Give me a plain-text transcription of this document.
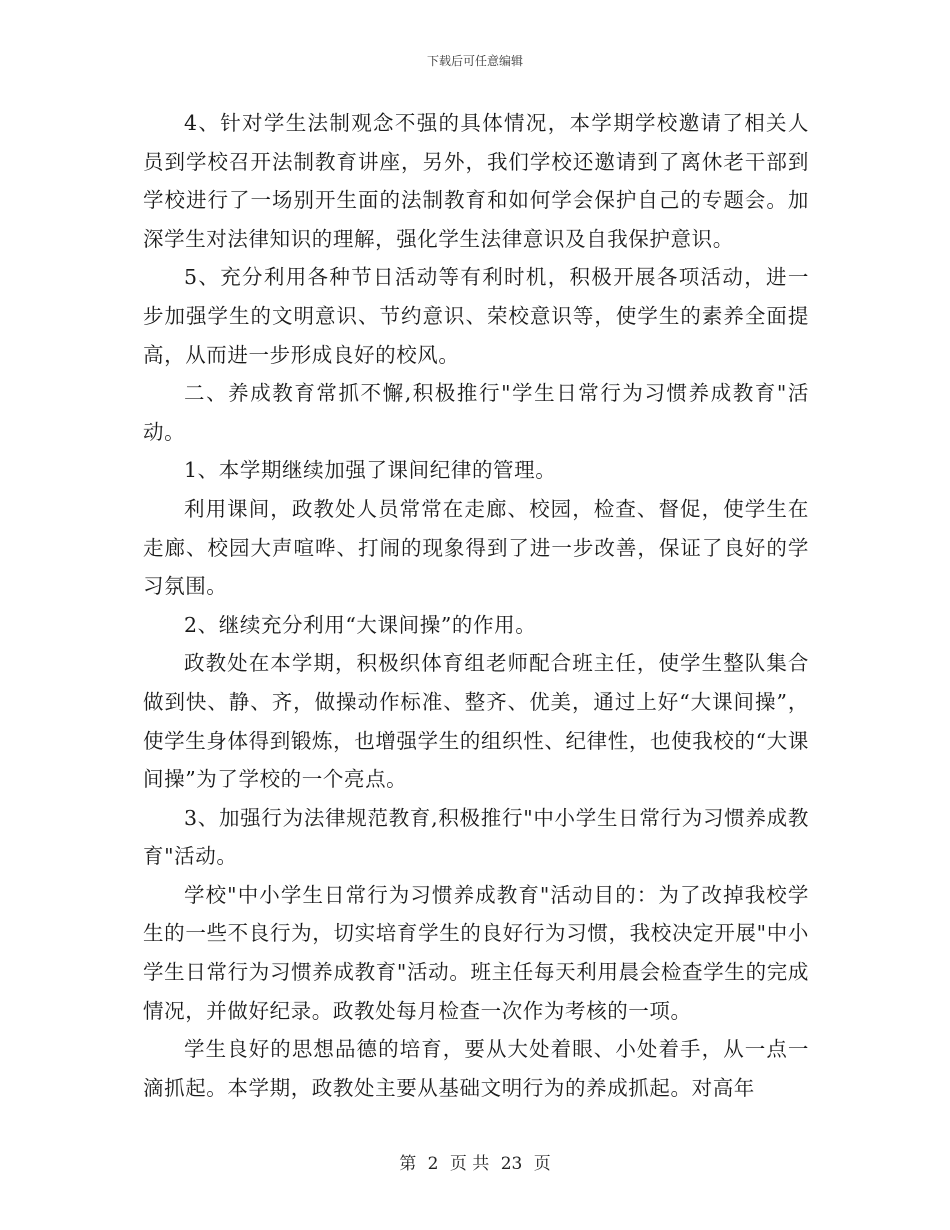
下载后可任意编辑

4、针对学生法制观念不强的具体情况，本学期学校邀请了相关人员到学校召开法制教育讲座，另外，我们学校还邀请到了离休老干部到学校进行了一场别开生面的法制教育和如何学会保护自己的专题会。加深学生对法律知识的理解，强化学生法律意识及自我保护意识。

5、充分利用各种节日活动等有利时机，积极开展各项活动，进一步加强学生的文明意识、节约意识、荣校意识等，使学生的素养全面提高，从而进一步形成良好的校风。

二、养成教育常抓不懈,积极推行"学生日常行为习惯养成教育"活动。

1、本学期继续加强了课间纪律的管理。

利用课间，政教处人员常常在走廊、校园，检查、督促，使学生在走廊、校园大声喧哗、打闹的现象得到了进一步改善，保证了良好的学习氛围。

2、继续充分利用“大课间操”的作用。

政教处在本学期，积极织体育组老师配合班主任，使学生整队集合做到快、静、齐，做操动作标准、整齐、优美，通过上好“大课间操”，使学生身体得到锻炼，也增强学生的组织性、纪律性，也使我校的“大课间操”为了学校的一个亮点。

3、加强行为法律规范教育,积极推行"中小学生日常行为习惯养成教育"活动。

学校"中小学生日常行为习惯养成教育"活动目的：为了改掉我校学生的一些不良行为，切实培育学生的良好行为习惯，我校决定开展"中小学生日常行为习惯养成教育"活动。班主任每天利用晨会检查学生的完成情况，并做好纪录。政教处每月检查一次作为考核的一项。

学生良好的思想品德的培育，要从大处着眼、小处着手，从一点一滴抓起。本学期，政教处主要从基础文明行为的养成抓起。对高年

第 2 页 共 23 页
